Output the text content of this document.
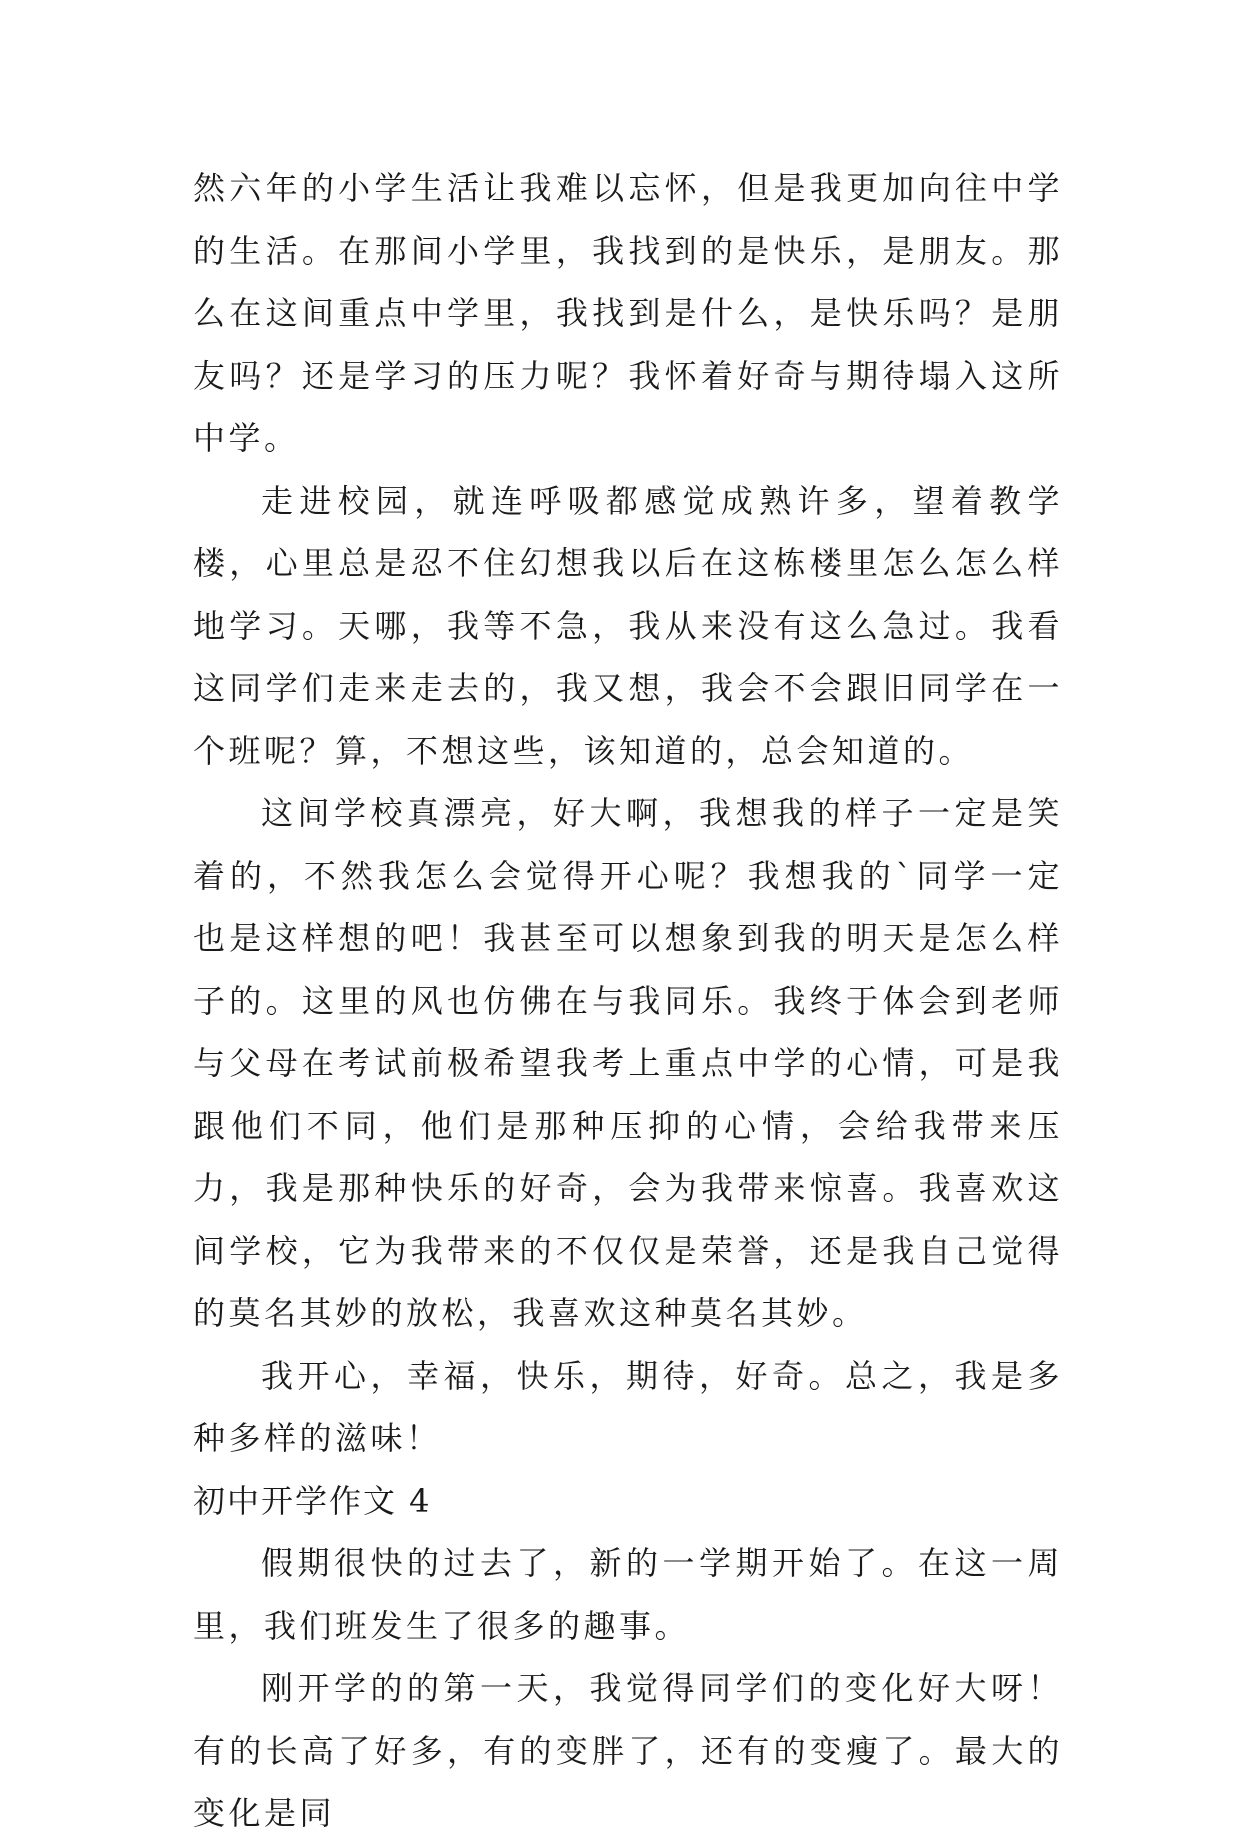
然六年的小学生活让我难以忘怀，但是我更加向往中学的生活。在那间小学里，我找到的是快乐，是朋友。那么在这间重点中学里，我找到是什么，是快乐吗？是朋友吗？还是学习的压力呢？我怀着好奇与期待塌入这所中学。

走进校园，就连呼吸都感觉成熟许多，望着教学楼，心里总是忍不住幻想我以后在这栋楼里怎么怎么样地学习。天哪，我等不急，我从来没有这么急过。我看这同学们走来走去的，我又想，我会不会跟旧同学在一个班呢？算，不想这些，该知道的，总会知道的。

这间学校真漂亮，好大啊，我想我的样子一定是笑着的，不然我怎么会觉得开心呢？我想我的`同学一定也是这样想的吧！我甚至可以想象到我的明天是怎么样子的。这里的风也仿佛在与我同乐。我终于体会到老师与父母在考试前极希望我考上重点中学的心情，可是我跟他们不同，他们是那种压抑的心情，会给我带来压力，我是那种快乐的好奇，会为我带来惊喜。我喜欢这间学校，它为我带来的不仅仅是荣誉，还是我自己觉得的莫名其妙的放松，我喜欢这种莫名其妙。

我开心，幸福，快乐，期待，好奇。总之，我是多种多样的滋味！

初中开学作文 4

假期很快的过去了，新的一学期开始了。在这一周里，我们班发生了很多的趣事。

刚开学的的第一天，我觉得同学们的变化好大呀！有的长高了好多，有的变胖了，还有的变瘦了。最大的变化是同
